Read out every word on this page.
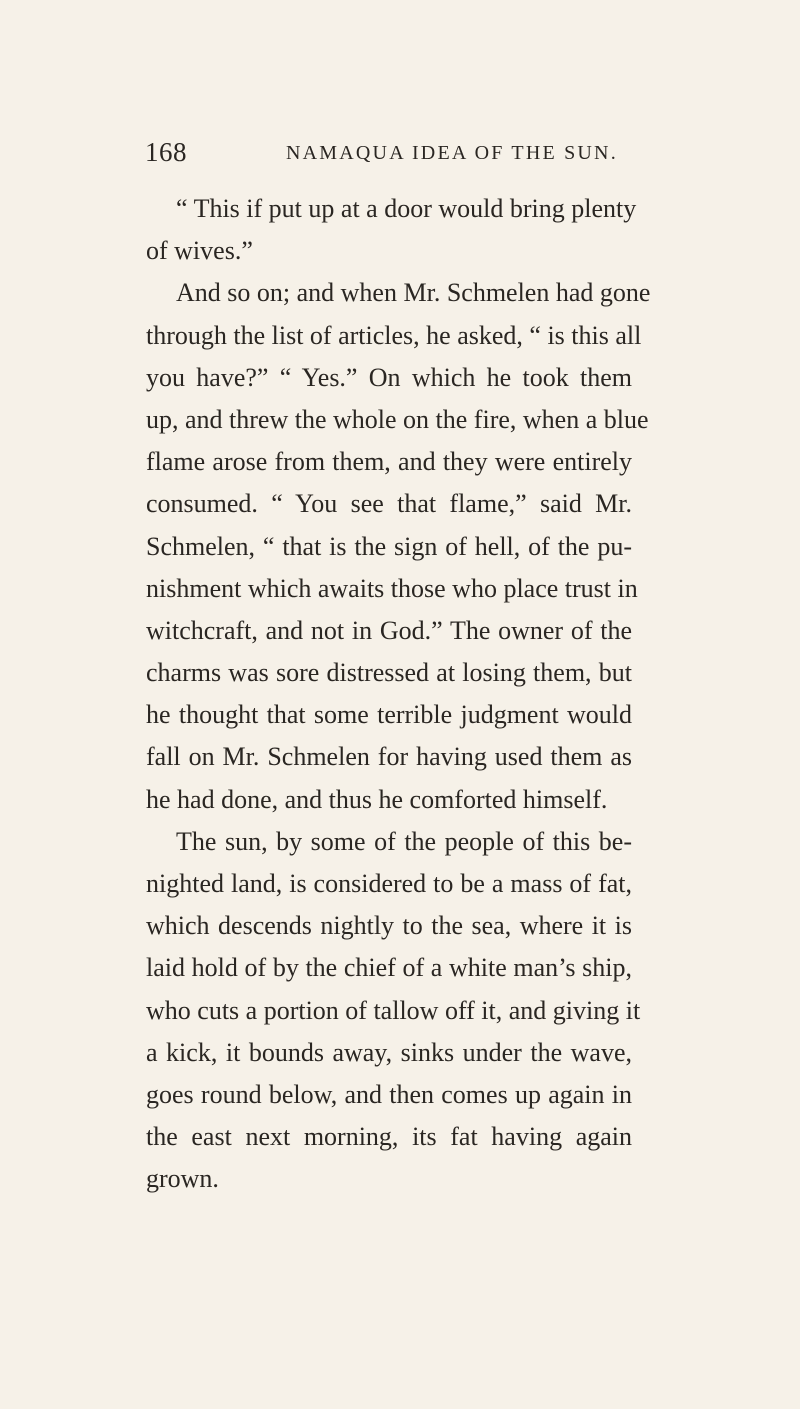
168	NAMAQUA IDEA OF THE SUN.
“ This if put up at a door would bring plenty
of wives.”
And so on; and when Mr. Schmelen had gone
through the list of articles, he asked, “ is this all
you have?” “ Yes.” On which he took them
up, and threw the whole on the fire, when a blue
flame arose from them, and they were entirely
consumed. “ You see that flame,” said Mr.
Schmelen, “ that is the sign of hell, of the pu-
nishment which awaits those who place trust in
witchcraft, and not in God.” The owner of the
charms was sore distressed at losing them, but
he thought that some terrible judgment would
fall on Mr. Schmelen for having used them as
he had done, and thus he comforted himself.
The sun, by some of the people of this be-
nighted land, is considered to be a mass of fat,
which descends nightly to the sea, where it is
laid hold of by the chief of a white man’s ship,
who cuts a portion of tallow off it, and giving it
a kick, it bounds away, sinks under the wave,
goes round below, and then comes up again in
the east next morning, its fat having again
grown.
